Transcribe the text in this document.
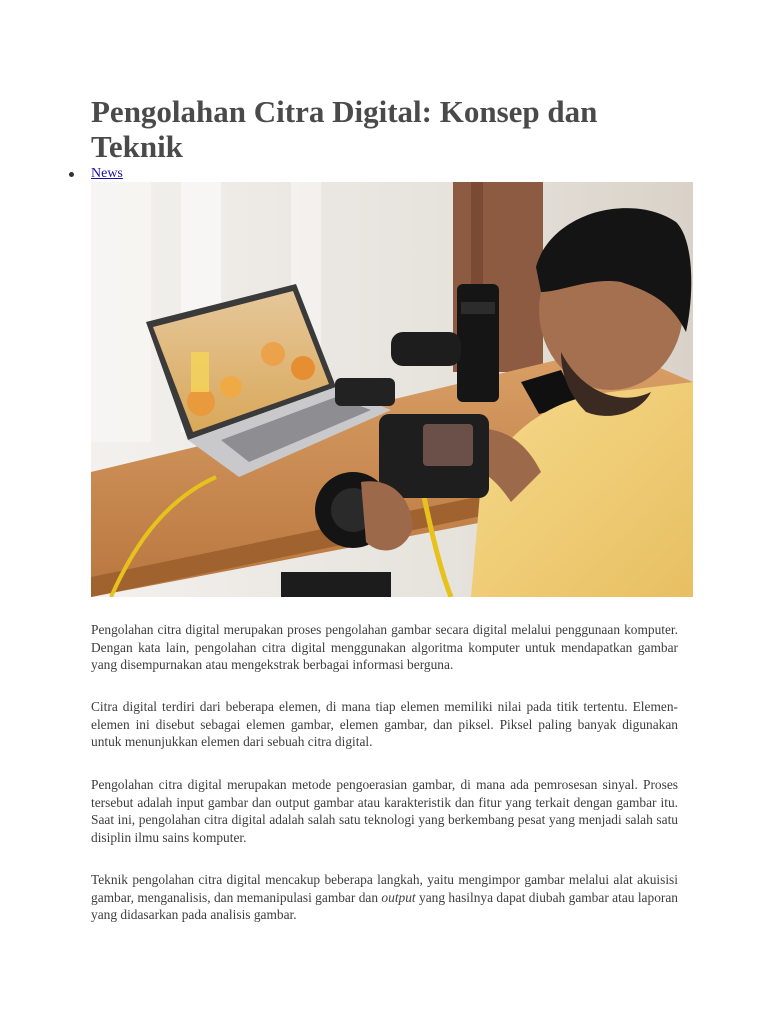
Pengolahan Citra Digital: Konsep dan Teknik
News

Pengolahan citra digital merupakan proses pengolahan gambar secara digital melalui penggunaan komputer. Dengan kata lain, pengolahan citra digital menggunakan algoritma komputer untuk mendapatkan gambar yang disempurnakan atau mengekstrak berbagai informasi berguna.

Citra digital terdiri dari beberapa elemen, di mana tiap elemen memiliki nilai pada titik tertentu. Elemen-elemen ini disebut sebagai elemen gambar, elemen gambar, dan piksel. Piksel paling banyak digunakan untuk menunjukkan elemen dari sebuah citra digital.

Pengolahan citra digital merupakan metode pengoerasian gambar, di mana ada pemrosesan sinyal. Proses tersebut adalah input gambar dan output gambar atau karakteristik dan fitur yang terkait dengan gambar itu. Saat ini, pengolahan citra digital adalah salah satu teknologi yang berkembang pesat yang menjadi salah satu disiplin ilmu sains komputer.

Teknik pengolahan citra digital mencakup beberapa langkah, yaitu mengimpor gambar melalui alat akuisisi gambar, menganalisis, dan memanipulasi gambar dan output yang hasilnya dapat diubah gambar atau laporan yang didasarkan pada analisis gambar.
